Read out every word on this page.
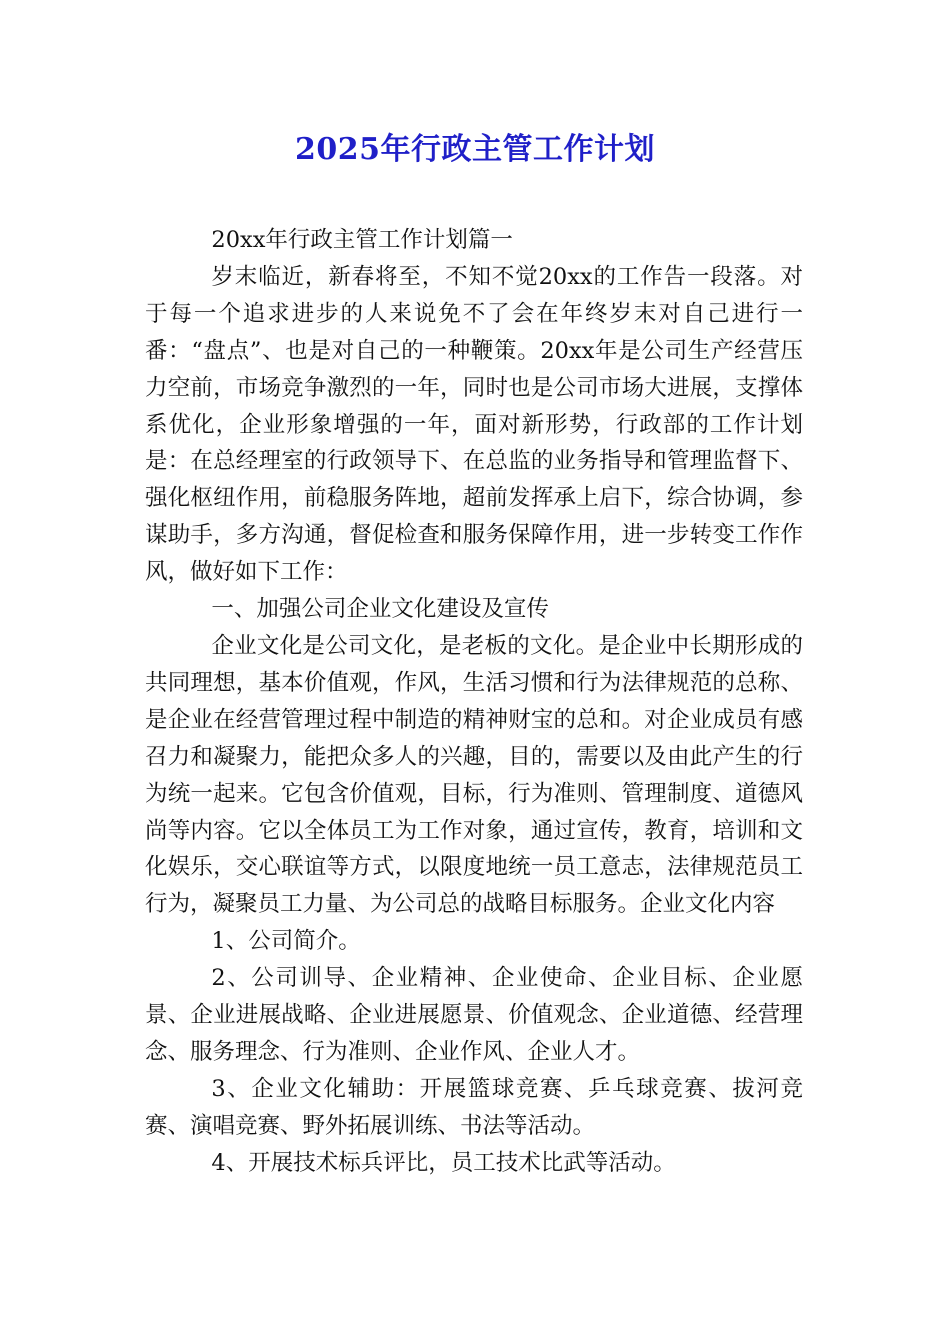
2025年行政主管工作计划

20xx年行政主管工作计划篇一

岁末临近，新春将至，不知不觉20xx的工作告一段落。对于每一个追求进步的人来说免不了会在年终岁末对自己进行一番：“盘点”、也是对自己的一种鞭策。20xx年是公司生产经营压力空前，市场竞争激烈的一年，同时也是公司市场大进展，支撑体系优化，企业形象增强的一年，面对新形势，行政部的工作计划是：在总经理室的行政领导下、在总监的业务指导和管理监督下、强化枢纽作用，前稳服务阵地，超前发挥承上启下，综合协调，参谋助手，多方沟通，督促检查和服务保障作用，进一步转变工作作风，做好如下工作：

一、加强公司企业文化建设及宣传

企业文化是公司文化，是老板的文化。是企业中长期形成的共同理想，基本价值观，作风，生活习惯和行为法律规范的总称、是企业在经营管理过程中制造的精神财宝的总和。对企业成员有感召力和凝聚力，能把众多人的兴趣，目的，需要以及由此产生的行为统一起来。它包含价值观，目标，行为准则、管理制度、道德风尚等内容。它以全体员工为工作对象，通过宣传，教育，培训和文化娱乐，交心联谊等方式，以限度地统一员工意志，法律规范员工行为，凝聚员工力量、为公司总的战略目标服务。企业文化内容

1、公司简介。

2、公司训导、企业精神、企业使命、企业目标、企业愿景、企业进展战略、企业进展愿景、价值观念、企业道德、经营理念、服务理念、行为准则、企业作风、企业人才。

3、企业文化辅助：开展篮球竞赛、乒乓球竞赛、拔河竞赛、演唱竞赛、野外拓展训练、书法等活动。

4、开展技术标兵评比，员工技术比武等活动。
